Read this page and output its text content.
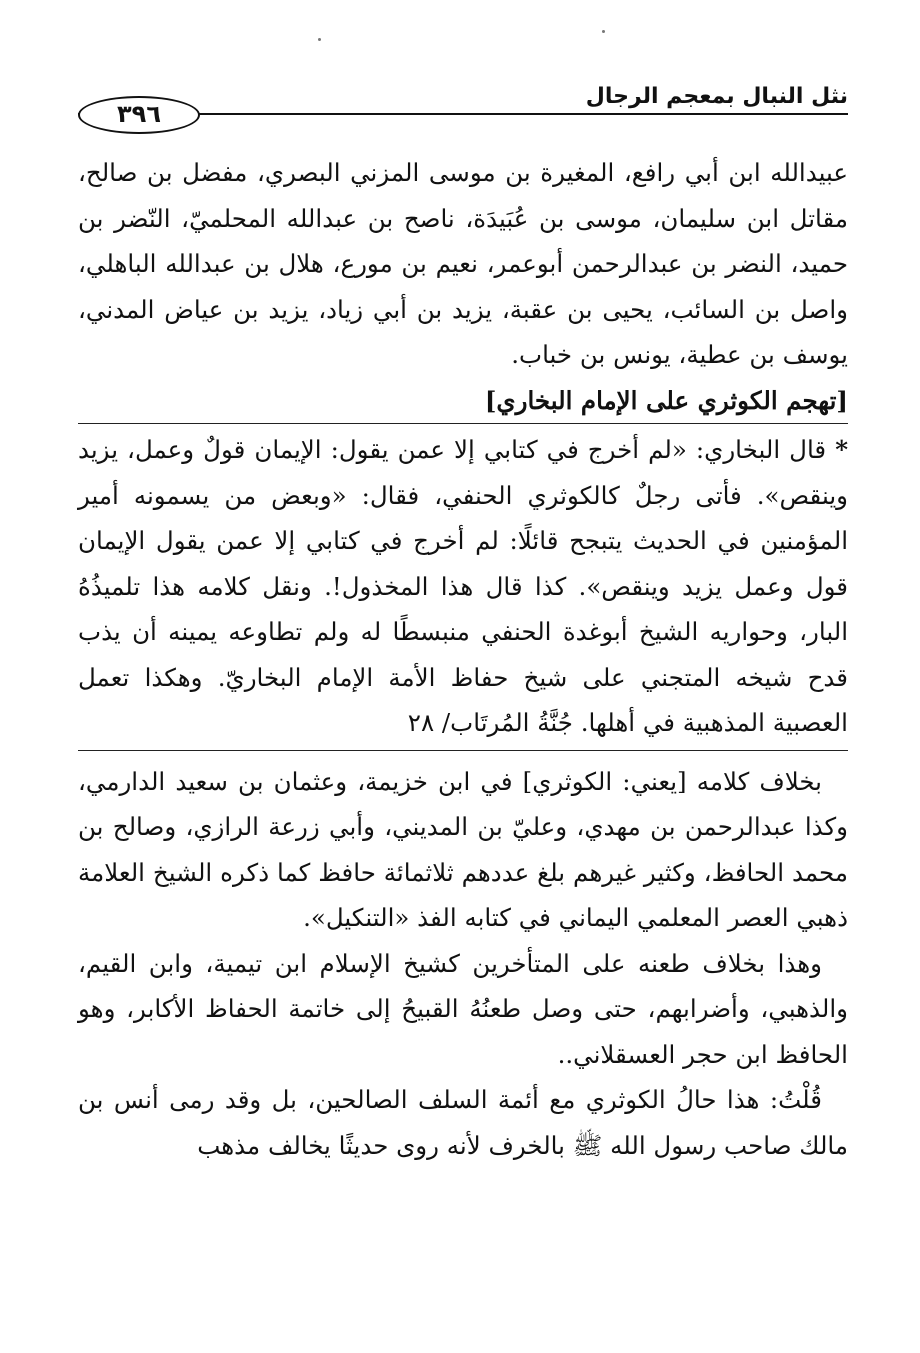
نثل النبال بمعجم الرجال
٣٩٦

عبيدالله ابن أبي رافع، المغيرة بن موسى المزني البصري، مفضل بن صالح، مقاتل ابن سليمان، موسى بن عُبَيدَة، ناصح بن عبدالله المحلميّ، النّضر بن حميد، النضر بن عبدالرحمن أبوعمر، نعيم بن مورع، هلال بن عبدالله الباهلي، واصل بن السائب، يحيى بن عقبة، يزيد بن أبي زياد، يزيد بن عياض المدني، يوسف بن عطية، يونس بن خباب.

[تهجم الكوثري على الإمام البخاري]

* قال البخاري: «لم أخرج في كتابي إلا عمن يقول: الإيمان قولٌ وعمل، يزيد وينقص». فأتى رجلٌ كالكوثري الحنفي، فقال: «وبعض من يسمونه أمير المؤمنين في الحديث يتبجح قائلًا: لم أخرج في كتابي إلا عمن يقول الإيمان قول وعمل يزيد وينقص». كذا قال هذا المخذول!. ونقل كلامه هذا تلميذُهُ البار، وحواريه الشيخ أبوغدة الحنفي منبسطًا له ولم تطاوعه يمينه أن يذب قدح شيخه المتجني على شيخ حفاظ الأمة الإمام البخاريّ. وهكذا تعمل العصبية المذهبية في أهلها. جُنَّةُ المُرتَاب/ ٢٨

بخلاف كلامه [يعني: الكوثري] في ابن خزيمة، وعثمان بن سعيد الدارمي، وكذا عبدالرحمن بن مهدي، وعليّ بن المديني، وأبي زرعة الرازي، وصالح بن محمد الحافظ، وكثير غيرهم بلغ عددهم ثلاثمائة حافظ كما ذكره الشيخ العلامة ذهبي العصر المعلمي اليماني في كتابه الفذ «التنكيل».

وهذا بخلاف طعنه على المتأخرين كشيخ الإسلام ابن تيمية، وابن القيم، والذهبي، وأضرابهم، حتى وصل طعنُهُ القبيحُ إلى خاتمة الحفاظ الأكابر، وهو الحافظ ابن حجر العسقلاني..

قُلْتُ: هذا حالُ الكوثري مع أئمة السلف الصالحين، بل وقد رمى أنس بن مالك صاحب رسول الله ﷺ بالخرف لأنه روى حديثًا يخالف مذهب
